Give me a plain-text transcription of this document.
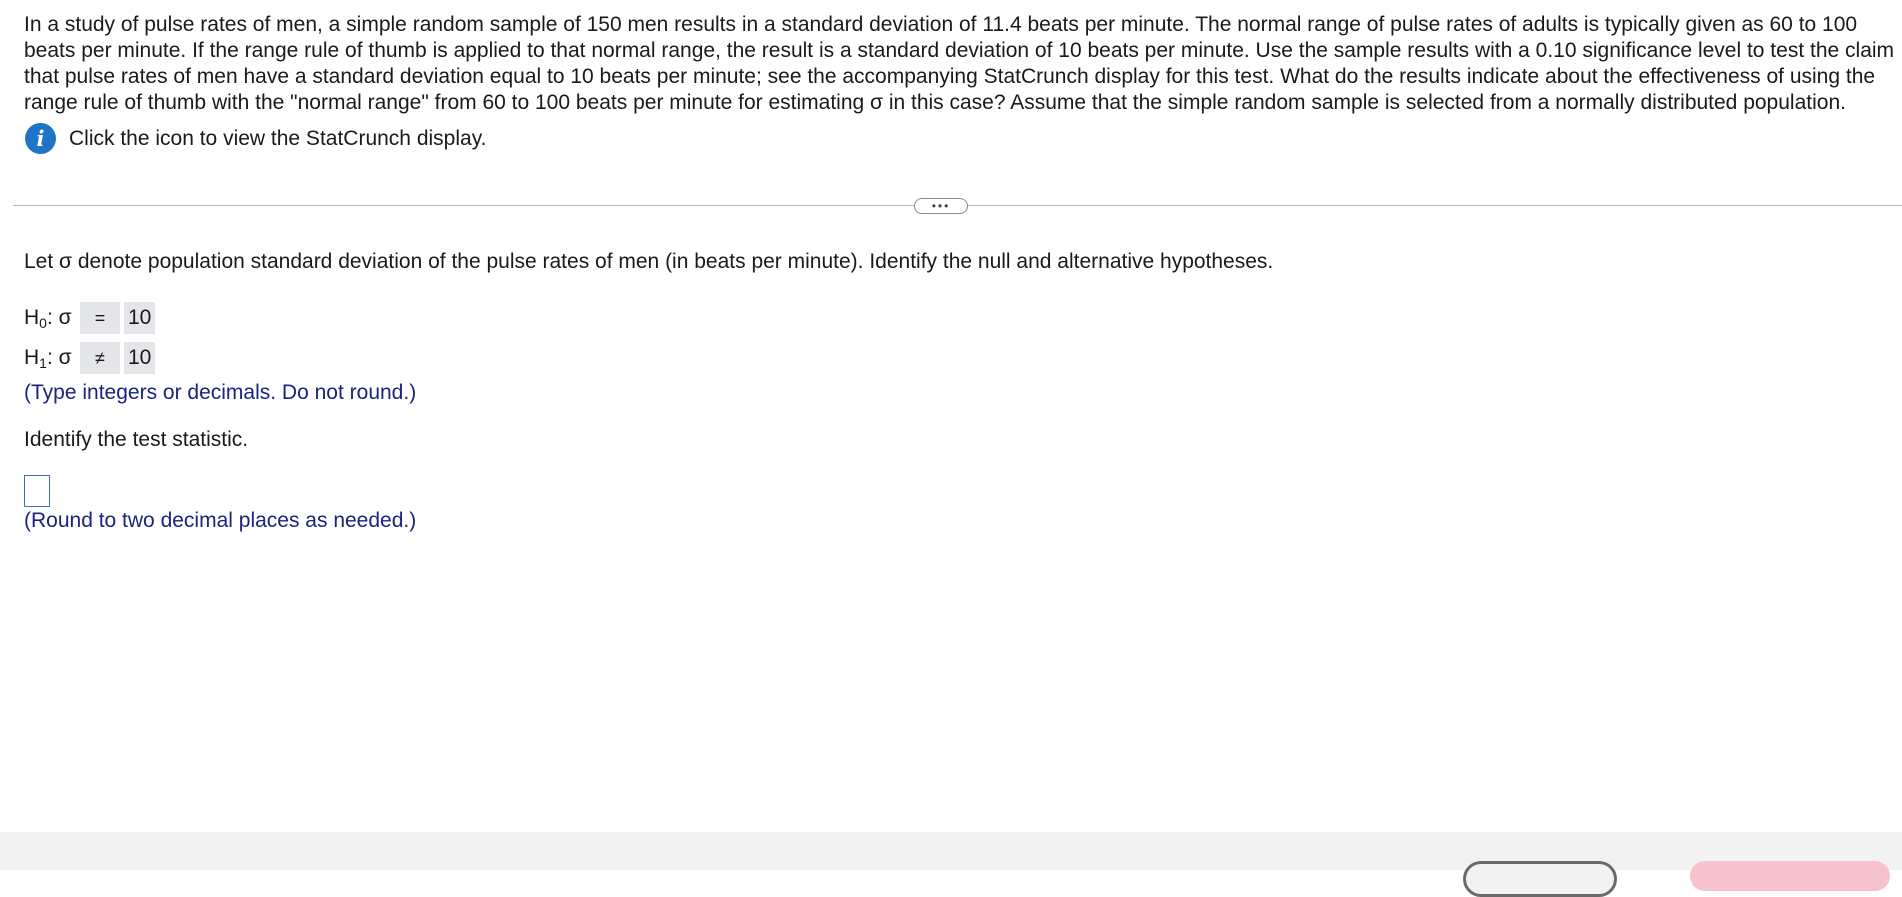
In a study of pulse rates of men, a simple random sample of 150 men results in a standard deviation of 11.4 beats per minute. The normal range of pulse rates of adults is typically given as 60 to 100 beats per minute. If the range rule of thumb is applied to that normal range, the result is a standard deviation of 10 beats per minute. Use the sample results with a 0.10 significance level to test the claim that pulse rates of men have a standard deviation equal to 10 beats per minute; see the accompanying StatCrunch display for this test. What do the results indicate about the effectiveness of using the range rule of thumb with the "normal range" from 60 to 100 beats per minute for estimating σ in this case? Assume that the simple random sample is selected from a normally distributed population.

i	Click the icon to view the StatCrunch display.
•••
Let σ denote population standard deviation of the pulse rates of men (in beats per minute). Identify the null and alternative hypotheses.
$H_0$: σ	=	10
$H_1$: σ	≠	10
(Type integers or decimals. Do not round.)
Identify the test statistic.
(Round to two decimal places as needed.)
